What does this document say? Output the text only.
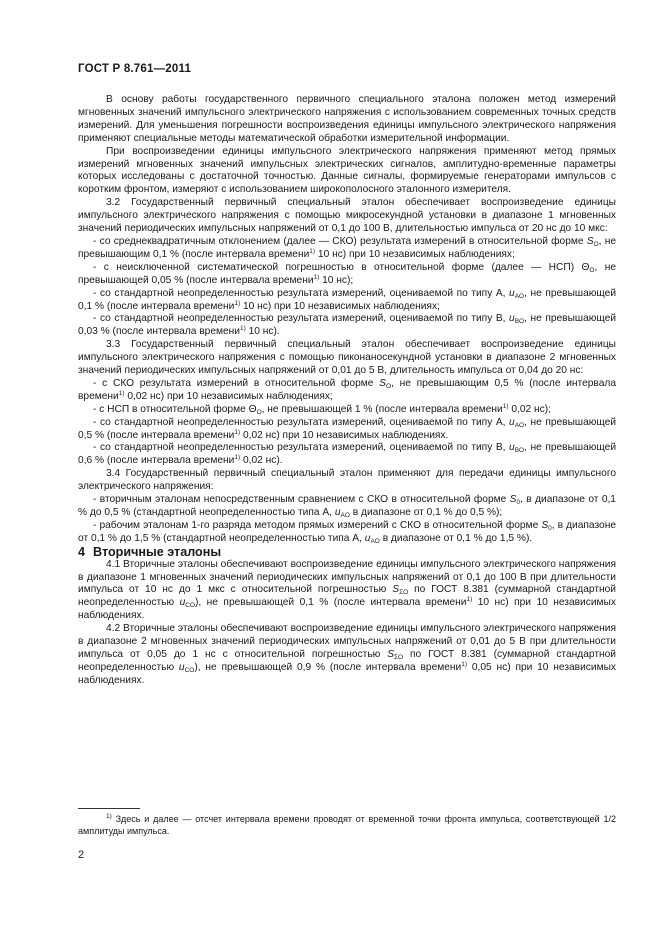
ГОСТ Р 8.761—2011

В основу работы государственного первичного специального эталона положен метод измерений мгновенных значений импульсного электрического напряжения с использованием современных точных средств измерений. Для уменьшения погрешности воспроизведения единицы импульсного электрического напряжения применяют специальные методы математической обработки измерительной информации.

При воспроизведении единицы импульсного электрического напряжения применяют метод прямых измерений мгновенных значений импульсных электрических сигналов, амплитудно-временные параметры которых исследованы с достаточной точностью. Данные сигналы, формируемые генераторами импульсов с коротким фронтом, измеряют с использованием широкополосного эталонного измерителя.

3.2 Государственный первичный специальный эталон обеспечивает воспроизведение единицы импульсного электрического напряжения с помощью микросекундной установки в диапазоне 1 мгновенных значений периодических импульсных напряжений от 0,1 до 100 В, длительностью импульса от 20 нс до 10 мкс:

- со среднеквадратичным отклонением (далее — СКО) результата измерений в относительной форме $S_O$, не превышающим 0,1 % (после интервала времени$^{1)}$ 10 нс) при 10 независимых наблюдениях;

- с неисключенной систематической погрешностью в относительной форме (далее — НСП) $\Theta_O$, не превышающей 0,05 % (после интервала времени$^{1)}$ 10 нс);

- со стандартной неопределенностью результата измерений, оцениваемой по типу А, $u_{AO}$, не превышающей 0,1 % (после интервала времени$^{1)}$ 10 нс) при 10 независимых наблюдениях;

- со стандартной неопределенностью результата измерений, оцениваемой по типу В, $u_{BO}$, не превышающей 0,03 % (после интервала времени$^{1)}$ 10 нс).

3.3 Государственный первичный специальный эталон обеспечивает воспроизведение единицы импульсного электрического напряжения с помощью пиконаносекундной установки в диапазоне 2 мгновенных значений периодических импульсных напряжений от 0,01 до 5 В, длительность импульса от 0,04 до 20 нс:

- с СКО результата измерений в относительной форме $S_O$, не превышающим 0,5 % (после интервала времени$^{1)}$ 0,02 нс) при 10 независимых наблюдениях;

- с НСП в относительной форме $\Theta_O$, не превышающей 1 % (после интервала времени$^{1)}$ 0,02 нс);

- со стандартной неопределенностью результата измерений, оцениваемой по типу А, $u_{AO}$, не превышающей 0,5 % (после интервала времени$^{1)}$ 0,02 нс) при 10 независимых наблюдениях.

- со стандартной неопределенностью результата измерений, оцениваемой по типу В, $u_{BO}$, не превышающей 0,6 % (после интервала времени$^{1)}$ 0,02 нс).

3.4 Государственный первичный специальный эталон применяют для передачи единицы импульсного электрического напряжения:

- вторичным эталонам непосредственным сравнением с СКО в относительной форме $S_0$, в диапазоне от 0,1 % до 0,5 % (стандартной неопределенностью типа А, $u_{AO}$ в диапазоне от 0,1 % до 0,5 %);

- рабочим эталонам 1-го разряда методом прямых измерений с СКО в относительной форме $S_0$, в диапазоне от 0,1 % до 1,5 % (стандартной неопределенностью типа А, $u_{AO}$ в диапазоне от 0,1 % до 1,5 %).

4 Вторичные эталоны

4.1 Вторичные эталоны обеспечивают воспроизведение единицы импульсного электрического напряжения в диапазоне 1 мгновенных значений периодических импульсных напряжений от 0,1 до 100 В при длительности импульса от 10 нс до 1 мкс с относительной погрешностью $S_{\Sigma O}$ по ГОСТ 8.381 (суммарной стандартной неопределенностью $u_{CO}$), не превышающей 0,1 % (после интервала времени$^{1)}$ 10 нс) при 10 независимых наблюдениях.

4.2 Вторичные эталоны обеспечивают воспроизведение единицы импульсного электрического напряжения в диапазоне 2 мгновенных значений периодических импульсных напряжений от 0,01 до 5 В при длительности импульса от 0,05 до 1 нс с относительной погрешностью $S_{\Sigma O}$ по ГОСТ 8.381 (суммарной стандартной неопределенностью $u_{CO}$), не превышающей 0,9 % (после интервала времени$^{1)}$ 0,05 нс) при 10 независимых наблюдениях.

$^{1)}$ Здесь и далее — отсчет интервала времени проводят от временной точки фронта импульса, соответствующей 1/2 амплитуды импульса.

2
